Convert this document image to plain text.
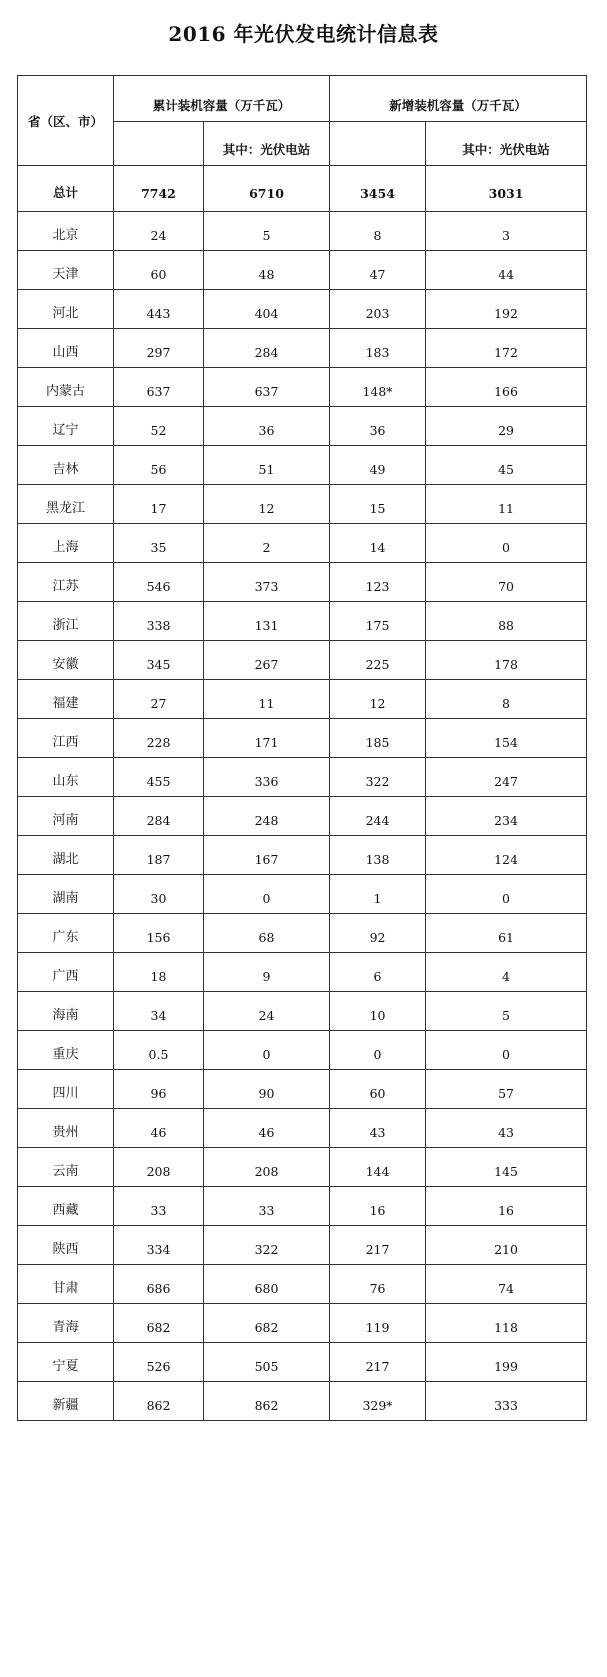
2016 年光伏发电统计信息表
省（区、市）	累计装机容量（万千瓦）		新增装机容量（万千瓦）	
		其中：光伏电站		其中：光伏电站
总计	7742	6710	3454	3031
北京	24	5	8	3
天津	60	48	47	44
河北	443	404	203	192
山西	297	284	183	172
内蒙古	637	637	148*	166
辽宁	52	36	36	29
吉林	56	51	49	45
黑龙江	17	12	15	11
上海	35	2	14	0
江苏	546	373	123	70
浙江	338	131	175	88
安徽	345	267	225	178
福建	27	11	12	8
江西	228	171	185	154
山东	455	336	322	247
河南	284	248	244	234
湖北	187	167	138	124
湖南	30	0	1	0
广东	156	68	92	61
广西	18	9	6	4
海南	34	24	10	5
重庆	0.5	0	0	0
四川	96	90	60	57
贵州	46	46	43	43
云南	208	208	144	145
西藏	33	33	16	16
陕西	334	322	217	210
甘肃	686	680	76	74
青海	682	682	119	118
宁夏	526	505	217	199
新疆	862	862	329*	333
